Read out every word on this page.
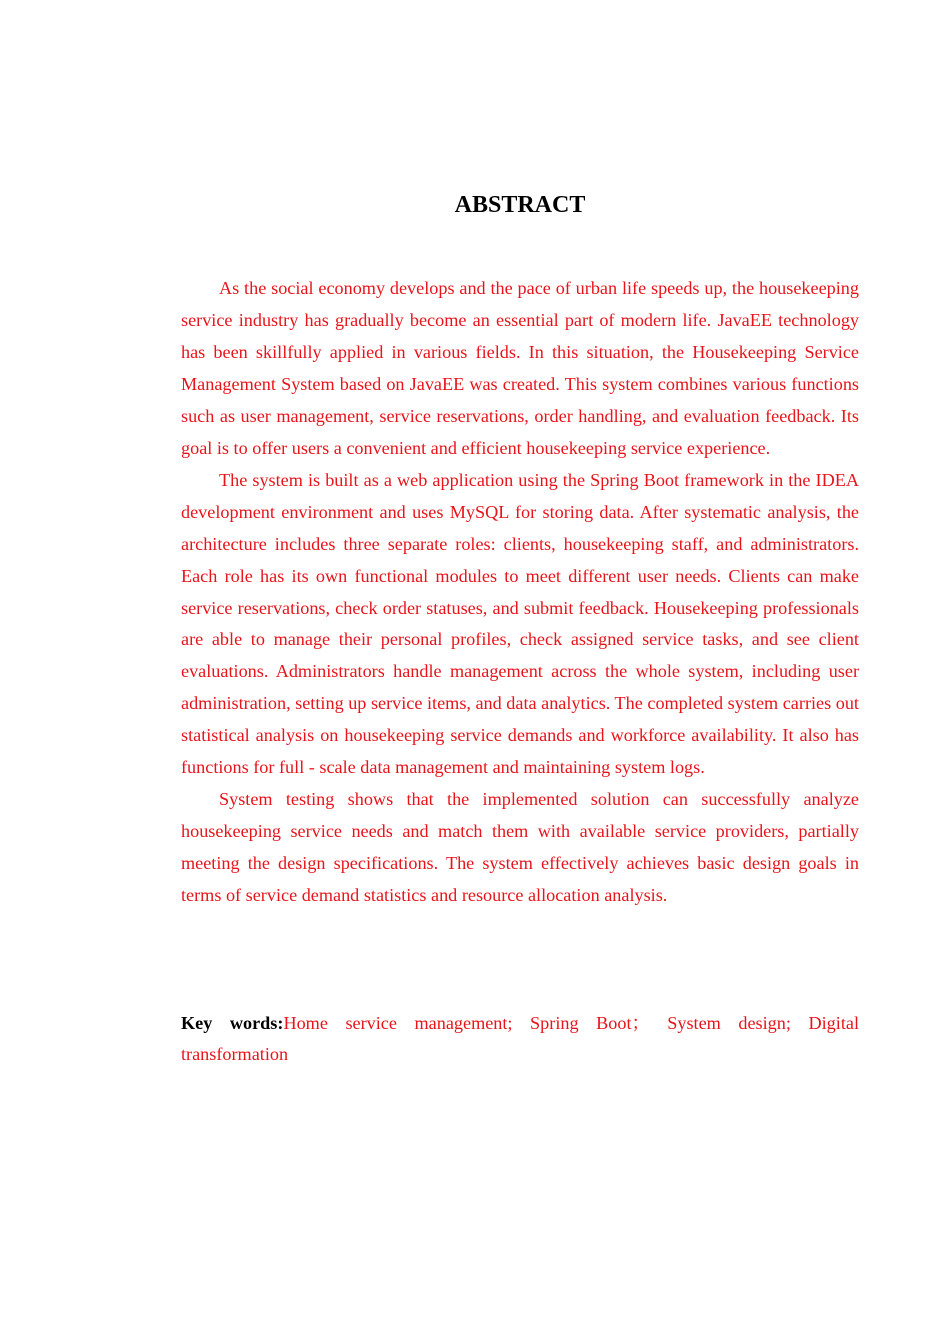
ABSTRACT

As the social economy develops and the pace of urban life speeds up, the housekeeping service industry has gradually become an essential part of modern life. JavaEE technology has been skillfully applied in various fields. In this situation, the Housekeeping Service Management System based on JavaEE was created. This system combines various functions such as user management, service reservations, order handling, and evaluation feedback. Its goal is to offer users a convenient and efficient housekeeping service experience.

The system is built as a web application using the Spring Boot framework in the IDEA development environment and uses MySQL for storing data. After systematic analysis, the architecture includes three separate roles: clients, housekeeping staff, and administrators. Each role has its own functional modules to meet different user needs. Clients can make service reservations, check order statuses, and submit feedback. Housekeeping professionals are able to manage their personal profiles, check assigned service tasks, and see client evaluations. Administrators handle management across the whole system, including user administration, setting up service items, and data analytics. The completed system carries out statistical analysis on housekeeping service demands and workforce availability. It also has functions for full - scale data management and maintaining system logs.

System testing shows that the implemented solution can successfully analyze housekeeping service needs and match them with available service providers, partially meeting the design specifications. The system effectively achieves basic design goals in terms of service demand statistics and resource allocation analysis.

Key words:Home service management; Spring Boot； System design; Digital transformation
